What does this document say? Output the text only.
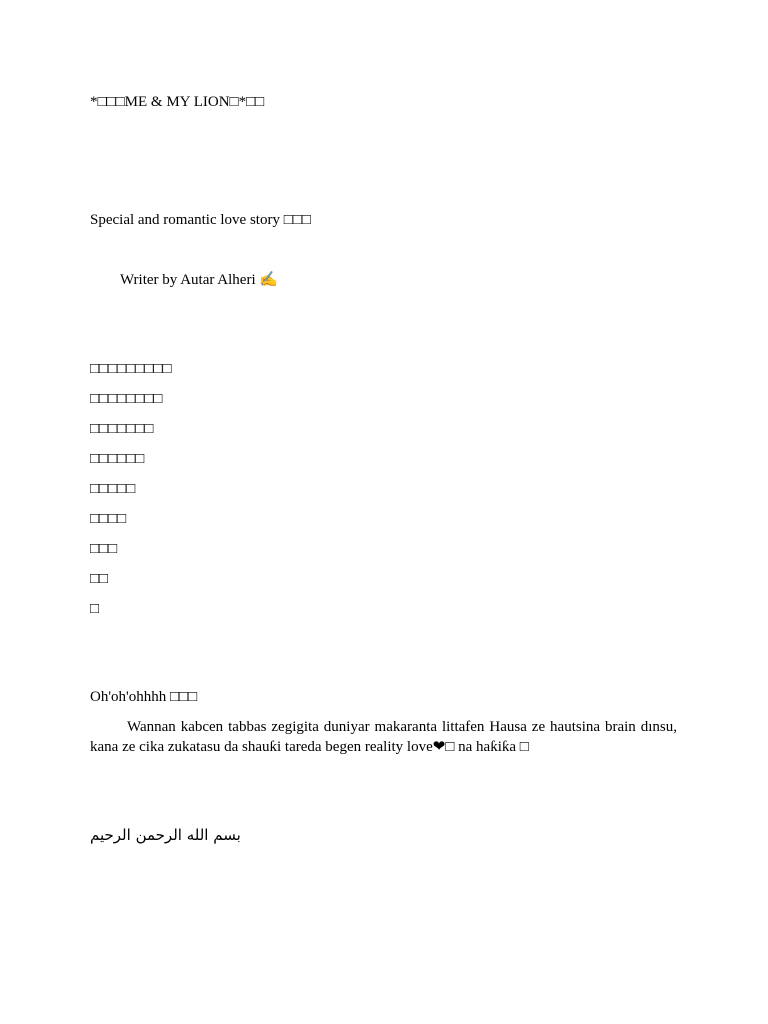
*□□□ME & MY LION□*□□
Special and romantic love story □□□
Writer by Autar Alheri ✍
□□□□□□□□□
□□□□□□□□
□□□□□□□
□□□□□□
□□□□□
□□□□
□□□
□□
□
Oh'oh'ohhhh □□□
Wannan kabcen tabbas zegigita duniyar makaranta littafen Hausa ze hautsina brain dınsu, kana ze cika zukatasu da shauƙi tareda begen reality love❤□ na haƙiƙa □
بسم الله الرحمن الرحيم
